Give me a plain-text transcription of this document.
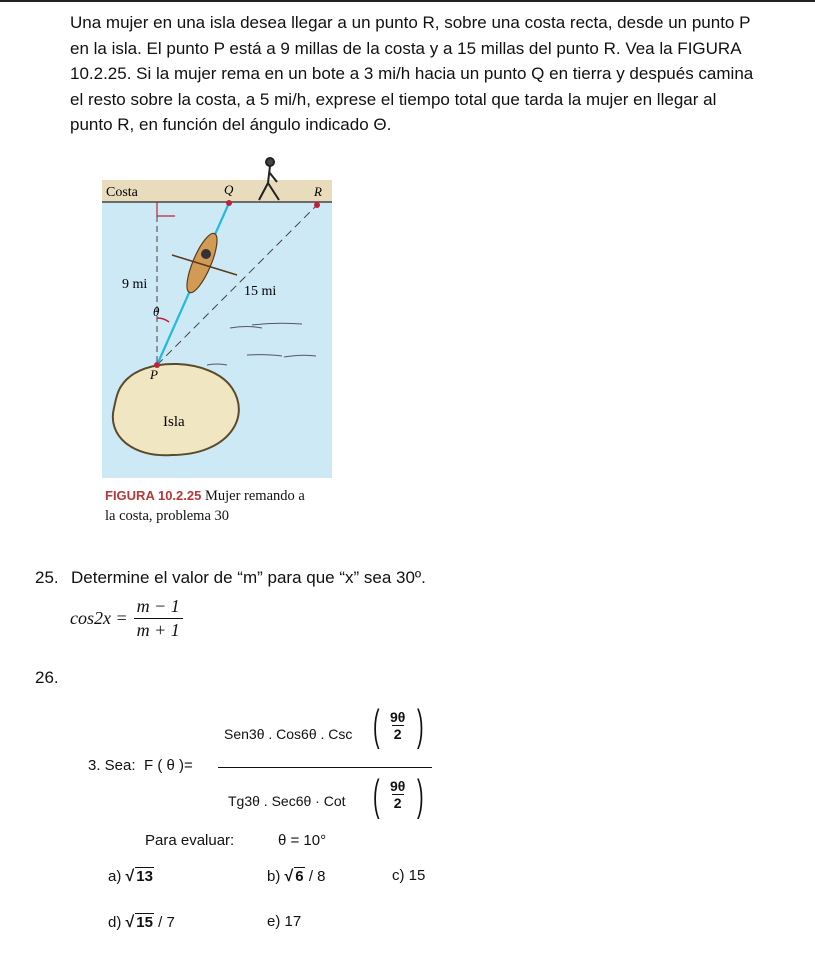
Una mujer en una isla desea llegar a un punto R, sobre una costa recta, desde un punto P
en la isla. El punto P está a 9 millas de la costa y a 15 millas del punto R. Vea la FIGURA
10.2.25. Si la mujer rema en un bote a 3 mi/h hacia un punto Q en tierra y después camina
el resto sobre la costa, a 5 mi/h, exprese el tiempo total que tarda la mujer en llegar al
punto R, en función del ángulo indicado Θ.
Costa	Q	R
9 mi	15 mi
θ
P
Isla
FIGURA 10.2.25 Mujer remando a
la costa, problema 30
25. Determine el valor de “m” para que “x” sea 30º.
$\cos 2x = \frac{m - 1}{m + 1}$
26.
3. Sea: F ( θ )=
Sen3θ . Cos6θ . Csc ( $\frac{9\theta}{2}$ )
Tg3θ . Sec6θ · Cot ( $\frac{9\theta}{2}$ )
Para evaluar:	θ = 10°
a) √ 13	b) √ 6 / 8	c) 15
d) √ 15 / 7	e) 17
